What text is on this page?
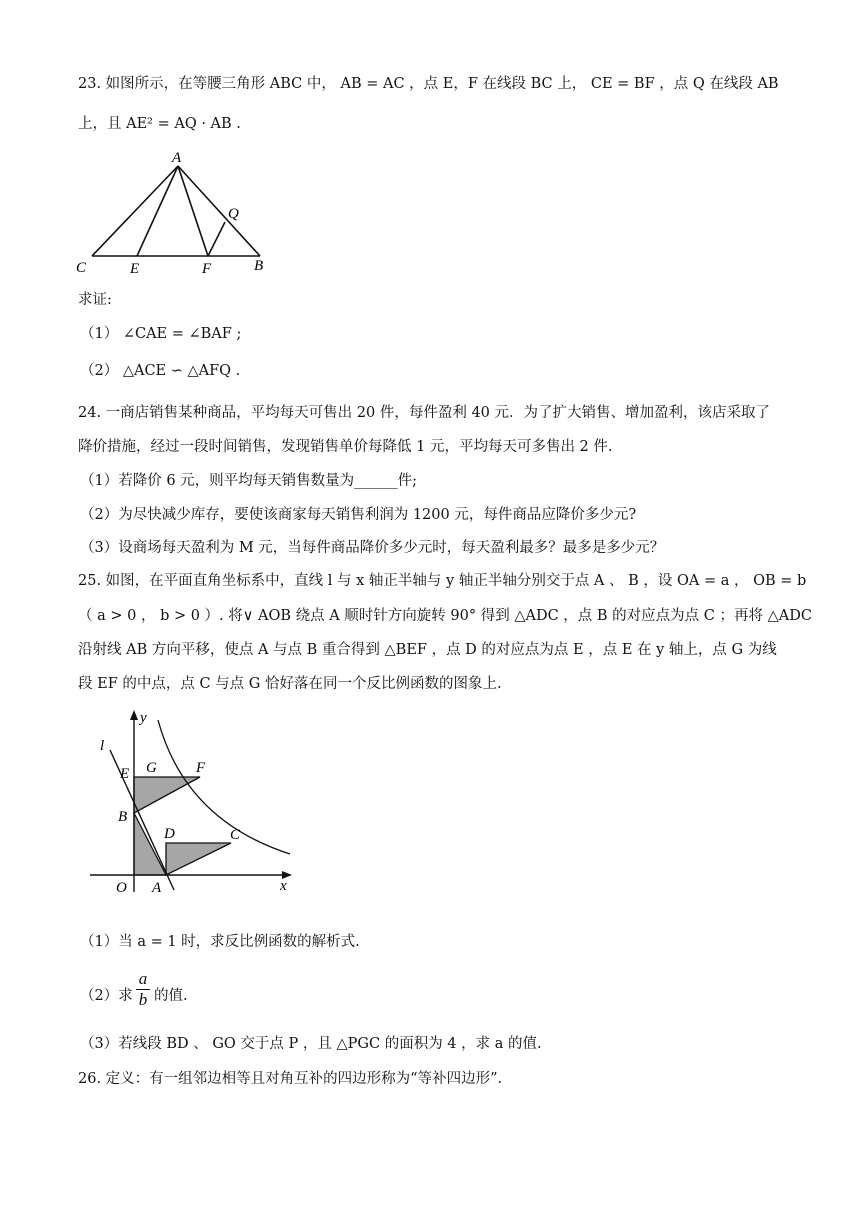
23. 如图所示，在等腰三角形 ABC 中， AB = AC ，点 E，F 在线段 BC 上， CE = BF ，点 Q 在线段 AB
上，且 AE² = AQ · AB .
A
C	E	F	B
Q
求证:
（1） ∠CAE = ∠BAF ;
（2） △ACE ∽ △AFQ .
24. 一商店销售某种商品，平均每天可售出 20 件，每件盈利 40 元．为了扩大销售、增加盈利，该店采取了
降价措施，经过一段时间销售，发现销售单价每降低 1 元，平均每天可多售出 2 件.
（1）若降价 6 元，则平均每天销售数量为______件;
（2）为尽快减少库存，要使该商家每天销售利润为 1200 元，每件商品应降价多少元?
（3）设商场每天盈利为 M 元，当每件商品降价多少元时，每天盈利最多？最多是多少元？
25. 如图，在平面直角坐标系中，直线 l 与 x 轴正半轴与 y 轴正半轴分别交于点 A 、 B ，设 OA = a ， OB = b
（ a > 0 ， b > 0 ）. 将∨ AOB 绕点 A 顺时针方向旋转 90° 得到 △ADC ，点 B 的对应点为点 C ；再将 △ADC
沿射线 AB 方向平移，使点 A 与点 B 重合得到 △BEF ，点 D 的对应点为点 E ，点 E 在 y 轴上，点 G 为线
段 EF 的中点，点 C 与点 G 恰好落在同一个反比例函数的图象上.
y
x
l
E G	F
B
D	C
O A
（1）当 a = 1 时，求反比例函数的解析式.
（2）求
a
b 的值.
（3）若线段 BD 、 GO 交于点 P ，且 △PGC 的面积为 4 ，求 a 的值.
26. 定义：有一组邻边相等且对角互补的四边形称为“等补四边形”.
